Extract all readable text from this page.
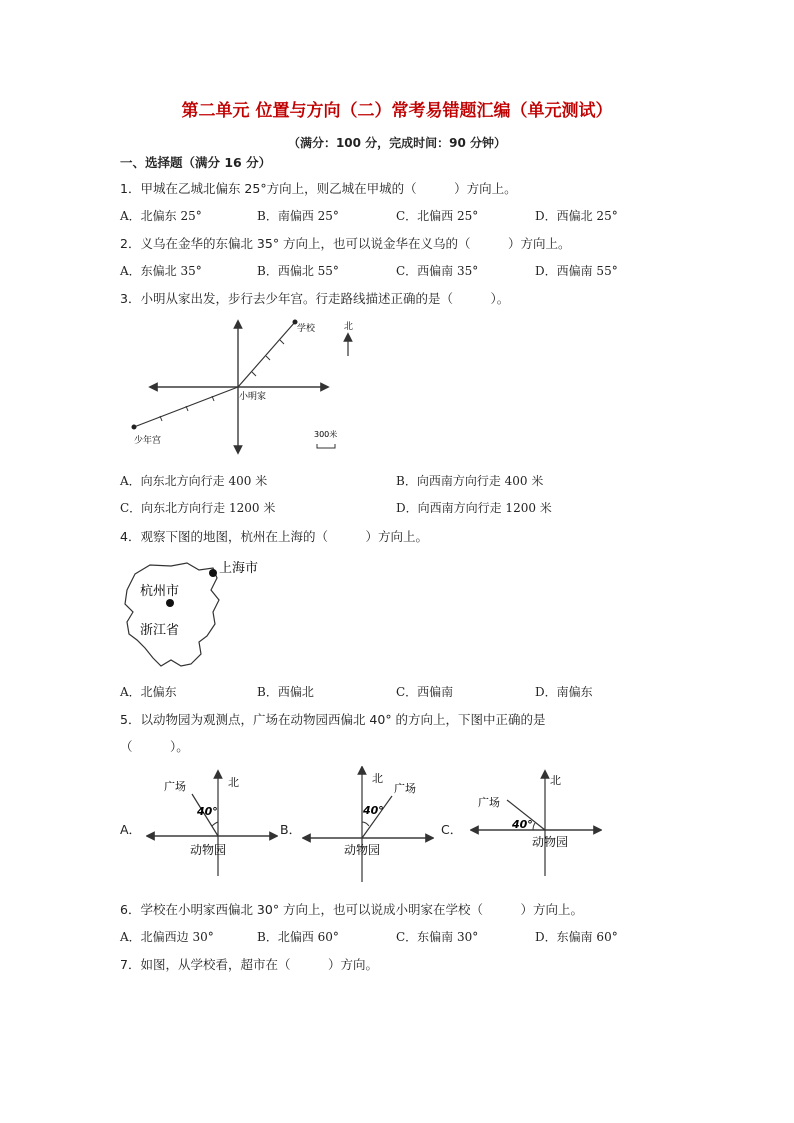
第二单元 位置与方向（二）常考易错题汇编（单元测试）
（满分：100 分，完成时间：90 分钟）
一、选择题（满分 16 分）
1．甲城在乙城北偏东 25°方向上，则乙城在甲城的（　　　）方向上。
A．北偏东 25°	B．南偏西 25°	C．北偏西 25°	D．西偏北 25°
2．义乌在金华的东偏北 35° 方向上，也可以说金华在义乌的（　　　）方向上。
A．东偏北 35°	B．西偏北 55°	C．西偏南 35°	D．西偏南 55°
3．小明从家出发，步行去少年宫。行走路线描述正确的是（　　　）。
学校	北
小明家
少年宫
300米
A．向东北方向行走 400 米	B．向西南方向行走 400 米
C．向东北方向行走 1200 米	D．向西南方向行走 1200 米
4．观察下图的地图，杭州在上海的（　　　）方向上。
上海市
杭州市
浙江省
A．北偏东	B．西偏北	C．西偏南	D．南偏东
5．以动物园为观测点，广场在动物园西偏北 40° 的方向上，下图中正确的是
（　　　）。
A．
广场	北
40°
动物园
B．
北
广场
40°
动物园
C．
广场
北
40°
动物园
6．学校在小明家西偏北 30° 方向上，也可以说成小明家在学校（　　　）方向上。
A．北偏西边 30°	B．北偏西 60°	C．东偏南 30°	D．东偏南 60°
7．如图，从学校看，超市在（　　　）方向。
